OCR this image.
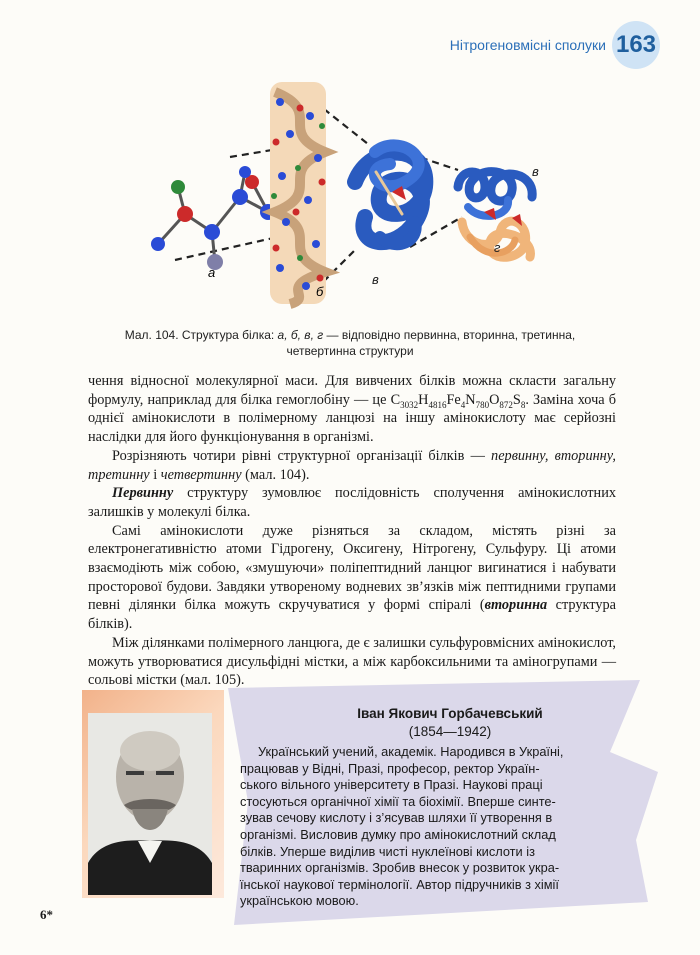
Нітрогеновмісні сполуки 163
а
б
в
в
г
Мал. 104. Структура білка: а, б, в, г — відповідно первинна, вторинна, третинна,
четвертинна структури

чення відносної молекулярної маси. Для вивчених білків можна скласти загальну формулу, наприклад для білка гемоглобіну — це $C_{3032}H_{4816}Fe_4N_{780}O_{872}S_8$. Заміна хоча б однієї амінокислоти в полімерному ланцюзі на іншу амінокислоту має серйозні наслідки для його функціонування в організмі.

Розрізняють чотири рівні структурної організації білків — первинну, вторинну, третинну і четвертинну (мал. 104).

Первинну структуру зумовлює послідовність сполучення амінокислотних залишків у молекулі білка.

Самі амінокислоти дуже різняться за складом, містять різні за електронегативністю атоми Гідрогену, Оксигену, Нітрогену, Сульфуру. Ці атоми взаємодіють між собою, «змушуючи» поліпептидний ланцюг вигинатися і набувати просторової будови. Завдяки утвореному водневих зв’язків між пептидними групами певні ділянки білка можуть скручуватися у формі спіралі (вторинна структура білків).

Між ділянками полімерного ланцюга, де є залишки сульфуровмісних амінокислот, можуть утворюватися дисульфідні містки, а між карбоксильними та аміногрупами — сольові містки (мал. 105).

Іван Якович Горбачевський
(1854—1942)
Український учений, академік. Народився в Україні,
працював у Відні, Празі, професор, ректор Україн-
ського вільного університету в Празі. Наукові праці
стосуються органічної хімії та біохімії. Вперше синте-
зував сечову кислоту і з’ясував шляхи її утворення в
організмі. Висловив думку про амінокислотний склад
білків. Уперше виділив чисті нуклеїнові кислоти із
тваринних організмів. Зробив внесок у розвиток укра-
їнської наукової термінології. Автор підручників з хімії
українською мовою.
6*
